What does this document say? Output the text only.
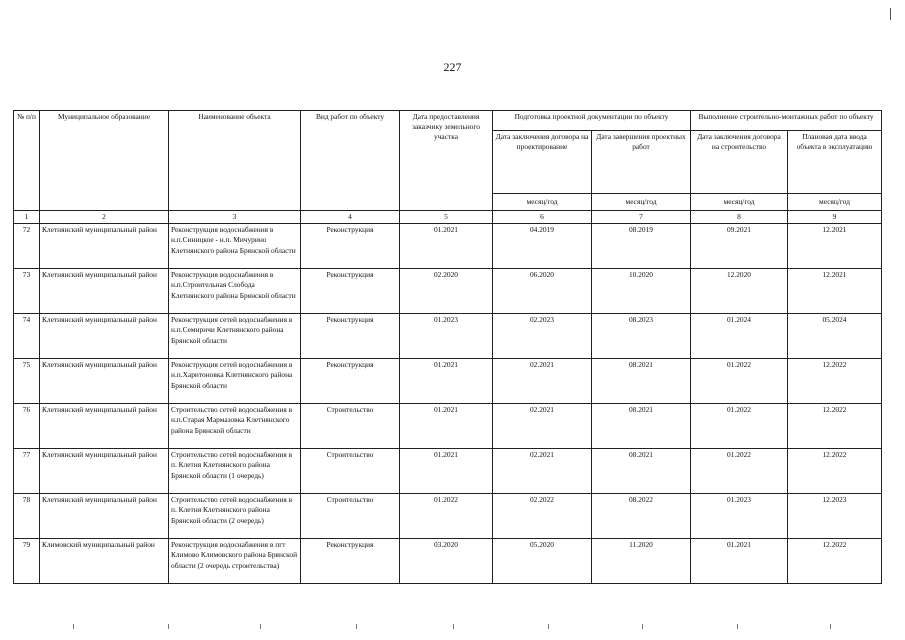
227
№ п/п	Муниципальное образование	Наименование объекта	Вид работ по объекту	Дата предоставления заказчику земельного участка	Подготовка проектной документации по объекту		Выполнение строительно-монтажных работ по объекту	
					Дата заключения договора на проектирование	Дата завершения проектных работ	Дата заключения договора на строительство	Плановая дата ввода объекта в эксплуатацию
					месяц/год	месяц/год	месяц/год	месяц/год
1	2	3	4	5	6	7	8	9
72	Клетнянский муниципальный район	Реконструкция водоснабжения в н.п.Синицкое - н.п. Мичурино Клетнянского района Брянской области	Реконструкция	01.2021	04.2019	08.2019	09.2021	12.2021
73	Клетнянский муниципальный район	Реконструкция водоснабжения в н.п.Строительная Слобода Клетнянского района Брянской области	Реконструкция	02.2020	06.2020	10.2020	12.2020	12.2021
74	Клетнянский муниципальный район	Реконструкция сетей водоснабжения в н.п.Семиричи Клетнянского района Брянской области	Реконструкция	01.2023	02.2023	08.2023	01.2024	05.2024
75	Клетнянский муниципальный район	Реконструкция сетей водоснабжения в н.п.Харитоновка Клетнянского района Брянской области	Реконструкция	01.2021	02.2021	08.2021	01.2022	12.2022
76	Клетнянский муниципальный район	Строительство сетей водоснабжения в н.п.Старая Мармазовка Клетнянского района Брянской области	Строительство	01.2021	02.2021	08.2021	01.2022	12.2022
77	Клетнянский муниципальный район	Строительство сетей водоснабжения в п. Клетня Клетнянского района Брянской области (1 очередь)	Строительство	01.2021	02.2021	08.2021	01.2022	12.2022
78	Клетнянский муниципальный район	Строительство сетей водоснабжения в п. Клетня Клетнянского района Брянской области (2 очередь)	Строительство	01.2022	02.2022	08.2022	01.2023	12.2023
79	Климовский муниципальный район	Реконструкция водоснабжения в пгт Климово Климовского района Брянской области (2 очередь строительства)	Реконструкция	03.2020	05.2020	11.2020	01.2021	12.2022
